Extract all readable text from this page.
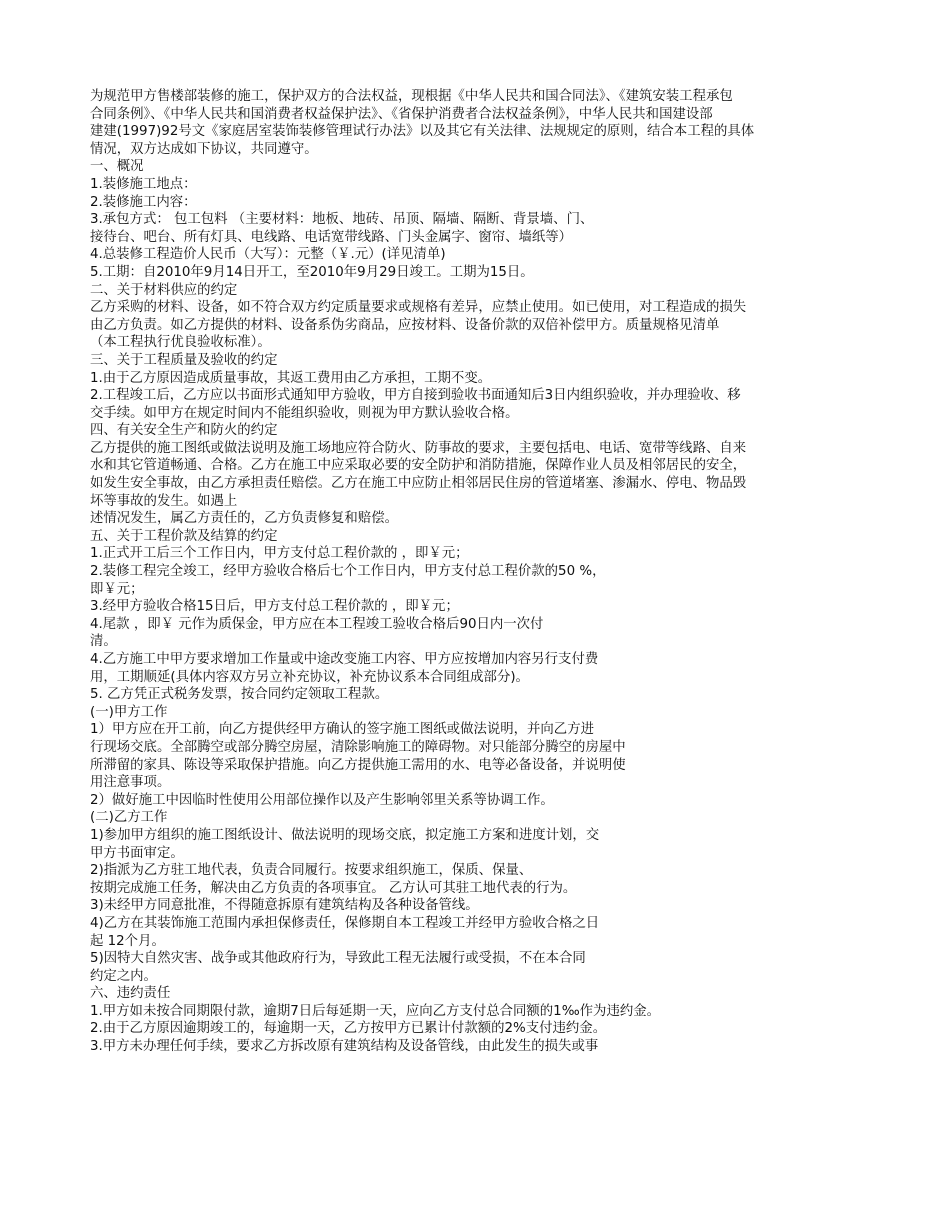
为规范甲方售楼部装修的施工，保护双方的合法权益，现根据《中华人民共和国合同法》、《建筑安装工程承包

合同条例》、《中华人民共和国消费者权益保护法》、《省保护消费者合法权益条例》，中华人民共和国建设部

建建(1997)92号文《家庭居室装饰装修管理试行办法》以及其它有关法律、法规规定的原则，结合本工程的具体

情况，双方达成如下协议，共同遵守。

一、概况

1.装修施工地点：

2.装修施工内容：

3.承包方式： 包工包料 （主要材料：地板、地砖、吊顶、隔墙、隔断、背景墙、门、

接待台、吧台、所有灯具、电线路、电话宽带线路、门头金属字、窗帘、墙纸等）

4.总装修工程造价人民币（大写）：元整（￥.元）(详见清单)

5.工期：自2010年9月14日开工，至2010年9月29日竣工。工期为15日。

二、关于材料供应的约定

乙方采购的材料、设备，如不符合双方约定质量要求或规格有差异，应禁止使用。如已使用，对工程造成的损失

由乙方负责。如乙方提供的材料、设备系伪劣商品，应按材料、设备价款的双倍补偿甲方。质量规格见清单

（本工程执行优良验收标准）。

三、关于工程质量及验收的约定

1.由于乙方原因造成质量事故，其返工费用由乙方承担，工期不变。

2.工程竣工后，乙方应以书面形式通知甲方验收，甲方自接到验收书面通知后3日内组织验收，并办理验收、移

交手续。如甲方在规定时间内不能组织验收，则视为甲方默认验收合格。

四、有关安全生产和防火的约定

乙方提供的施工图纸或做法说明及施工场地应符合防火、防事故的要求，主要包括电、电话、宽带等线路、自来

水和其它管道畅通、合格。乙方在施工中应采取必要的安全防护和消防措施，保障作业人员及相邻居民的安全，

如发生安全事故，由乙方承担责任赔偿。乙方在施工中应防止相邻居民住房的管道堵塞、渗漏水、停电、物品毁

坏等事故的发生。如遇上

述情况发生，属乙方责任的，乙方负责修复和赔偿。

五、关于工程价款及结算的约定

1.正式开工后三个工作日内，甲方支付总工程价款的 ，即￥元；

2.装修工程完全竣工，经甲方验收合格后七个工作日内，甲方支付总工程价款的50 %，

即￥元；

3.经甲方验收合格15日后，甲方支付总工程价款的 ，即￥元；

4.尾款 ，即￥ 元作为质保金，甲方应在本工程竣工验收合格后90日内一次付

清。

4.乙方施工中甲方要求增加工作量或中途改变施工内容、甲方应按增加内容另行支付费

用，工期顺延(具体内容双方另立补充协议，补充协议系本合同组成部分)。

5. 乙方凭正式税务发票，按合同约定领取工程款。

(一)甲方工作

1）甲方应在开工前，向乙方提供经甲方确认的签字施工图纸或做法说明，并向乙方进

行现场交底。全部腾空或部分腾空房屋，清除影响施工的障碍物。对只能部分腾空的房屋中

所滞留的家具、陈设等采取保护措施。向乙方提供施工需用的水、电等必备设备，并说明使

用注意事项。

2）做好施工中因临时性使用公用部位操作以及产生影响邻里关系等协调工作。

(二)乙方工作

1)参加甲方组织的施工图纸设计、做法说明的现场交底，拟定施工方案和进度计划，交

甲方书面审定。

2)指派为乙方驻工地代表，负责合同履行。按要求组织施工，保质、保量、

按期完成施工任务，解决由乙方负责的各项事宜。 乙方认可其驻工地代表的行为。

3)未经甲方同意批准，不得随意拆原有建筑结构及各种设备管线。

4)乙方在其装饰施工范围内承担保修责任，保修期自本工程竣工并经甲方验收合格之日

起 12个月。

5)因特大自然灾害、战争或其他政府行为，导致此工程无法履行或受损，不在本合同

约定之内。

六、违约责任

1.甲方如未按合同期限付款，逾期7日后每延期一天，应向乙方支付总合同额的1‰作为违约金。

2.由于乙方原因逾期竣工的，每逾期一天，乙方按甲方已累计付款额的2%支付违约金。

3.甲方未办理任何手续，要求乙方拆改原有建筑结构及设备管线，由此发生的损失或事
